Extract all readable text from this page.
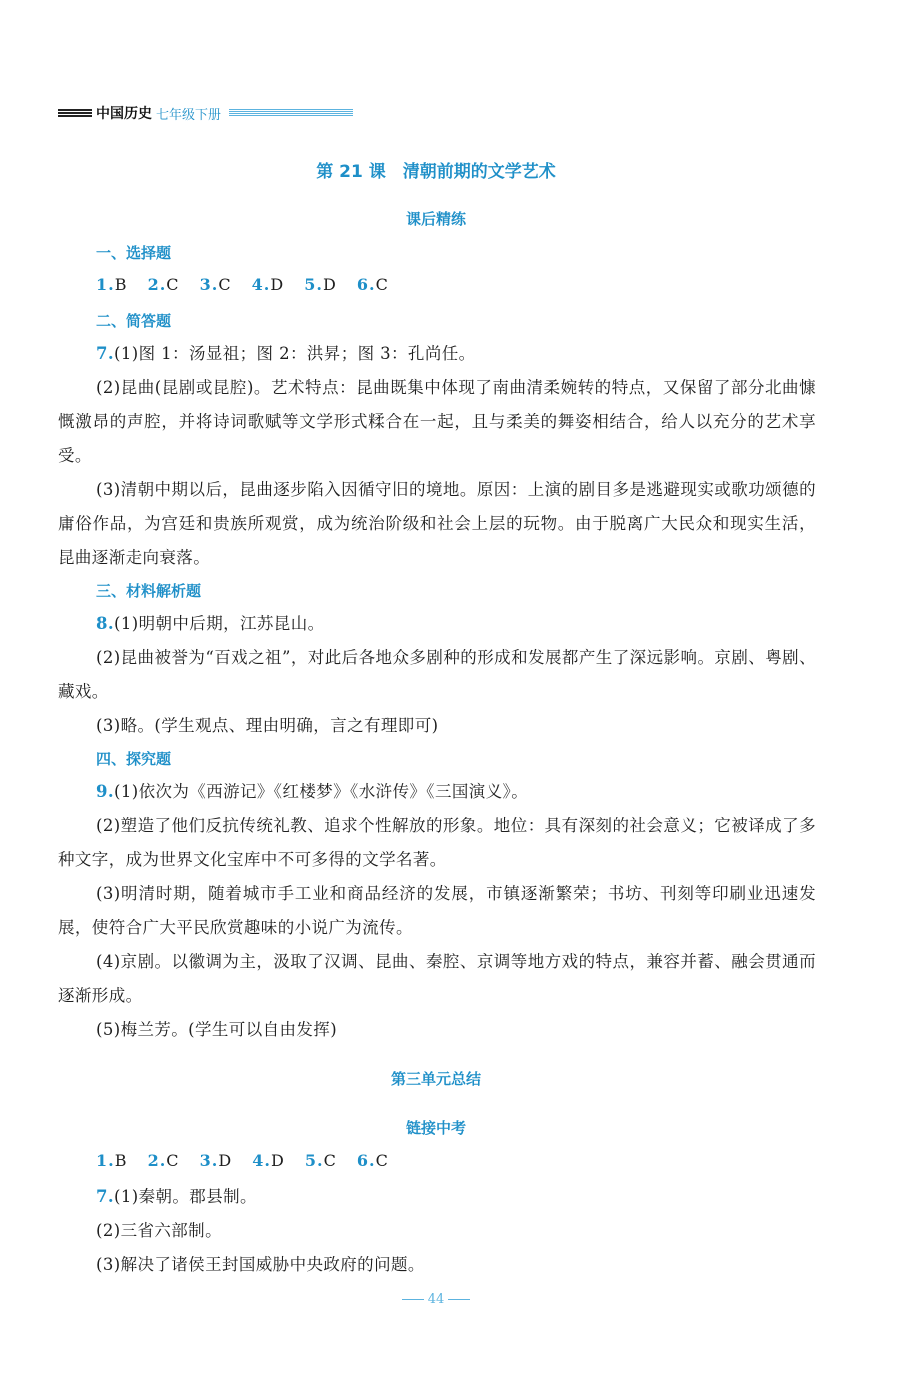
中国历史 七年级下册
第 21 课　清朝前期的文学艺术
课后精练
一、选择题
1.B 2.C 3.C 4.D 5.D 6.C
二、简答题
7.(1)图 1：汤显祖；图 2：洪昇；图 3：孔尚任。
(2)昆曲(昆剧或昆腔)。艺术特点：昆曲既集中体现了南曲清柔婉转的特点，又保留了部分北曲慷慨激昂的声腔，并将诗词歌赋等文学形式糅合在一起，且与柔美的舞姿相结合，给人以充分的艺术享受。
(3)清朝中期以后，昆曲逐步陷入因循守旧的境地。原因：上演的剧目多是逃避现实或歌功颂德的庸俗作品，为宫廷和贵族所观赏，成为统治阶级和社会上层的玩物。由于脱离广大民众和现实生活，昆曲逐渐走向衰落。
三、材料解析题
8.(1)明朝中后期，江苏昆山。
(2)昆曲被誉为“百戏之祖”，对此后各地众多剧种的形成和发展都产生了深远影响。京剧、粤剧、藏戏。
(3)略。(学生观点、理由明确，言之有理即可)
四、探究题
9.(1)依次为《西游记》《红楼梦》《水浒传》《三国演义》。
(2)塑造了他们反抗传统礼教、追求个性解放的形象。地位：具有深刻的社会意义；它被译成了多种文字，成为世界文化宝库中不可多得的文学名著。
(3)明清时期，随着城市手工业和商品经济的发展，市镇逐渐繁荣；书坊、刊刻等印刷业迅速发展，使符合广大平民欣赏趣味的小说广为流传。
(4)京剧。以徽调为主，汲取了汉调、昆曲、秦腔、京调等地方戏的特点，兼容并蓄、融会贯通而逐渐形成。
(5)梅兰芳。(学生可以自由发挥)
第三单元总结
链接中考
1.B 2.C 3.D 4.D 5.C 6.C
7.(1)秦朝。郡县制。
(2)三省六部制。
(3)解决了诸侯王封国威胁中央政府的问题。
44
